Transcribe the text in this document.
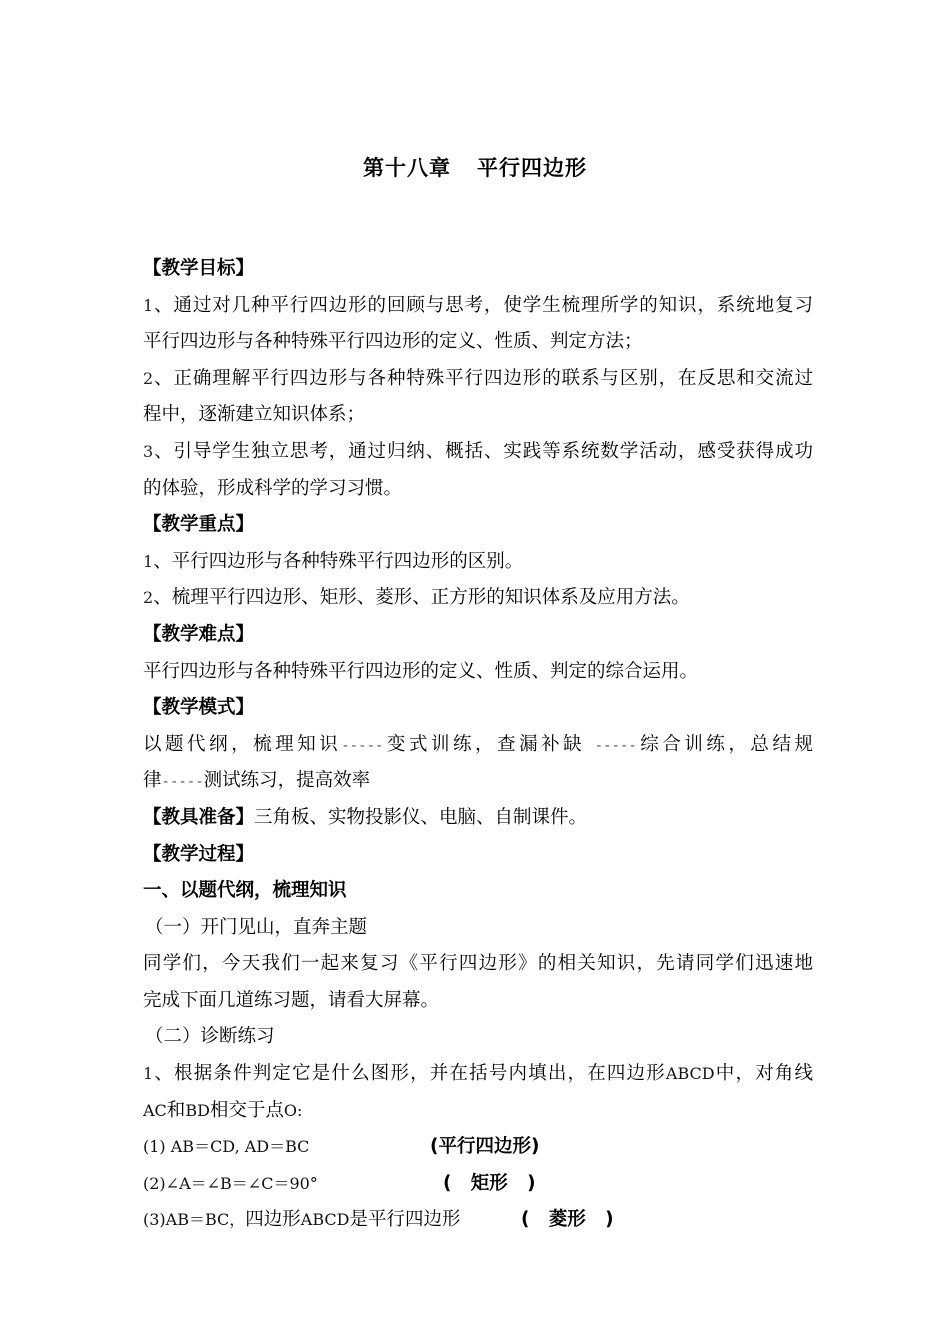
第十八章 平行四边形
【教学目标】
1、通过对几种平行四边形的回顾与思考，使学生梳理所学的知识，系统地复习
平行四边形与各种特殊平行四边形的定义、性质、判定方法；
2、正确理解平行四边形与各种特殊平行四边形的联系与区别，在反思和交流过
程中，逐渐建立知识体系；
3、引导学生独立思考，通过归纳、概括、实践等系统数学活动，感受获得成功
的体验，形成科学的学习习惯。
【教学重点】
1、平行四边形与各种特殊平行四边形的区别。
2、梳理平行四边形、矩形、菱形、正方形的知识体系及应用方法。
【教学难点】
平行四边形与各种特殊平行四边形的定义、性质、判定的综合运用。
【教学模式】
以题代纲，梳理知识-----变式训练，查漏补缺 -----综合训练，总结规
律-----测试练习，提高效率
【教具准备】三角板、实物投影仪、电脑、自制课件。
【教学过程】
一、以题代纲，梳理知识
（一）开门见山，直奔主题
同学们，今天我们一起来复习《平行四边形》的相关知识，先请同学们迅速地
完成下面几道练习题，请看大屏幕。
（二）诊断练习
1、根据条件判定它是什么图形，并在括号内填出，在四边形ABCD中，对角线
AC和BD相交于点O:
(1) AB＝CD, AD＝BC	(平行四边形)
(2)∠A＝∠B＝∠C＝90°	(   矩形   )
(3)AB＝BC，四边形ABCD是平行四边形	(   菱形   )
